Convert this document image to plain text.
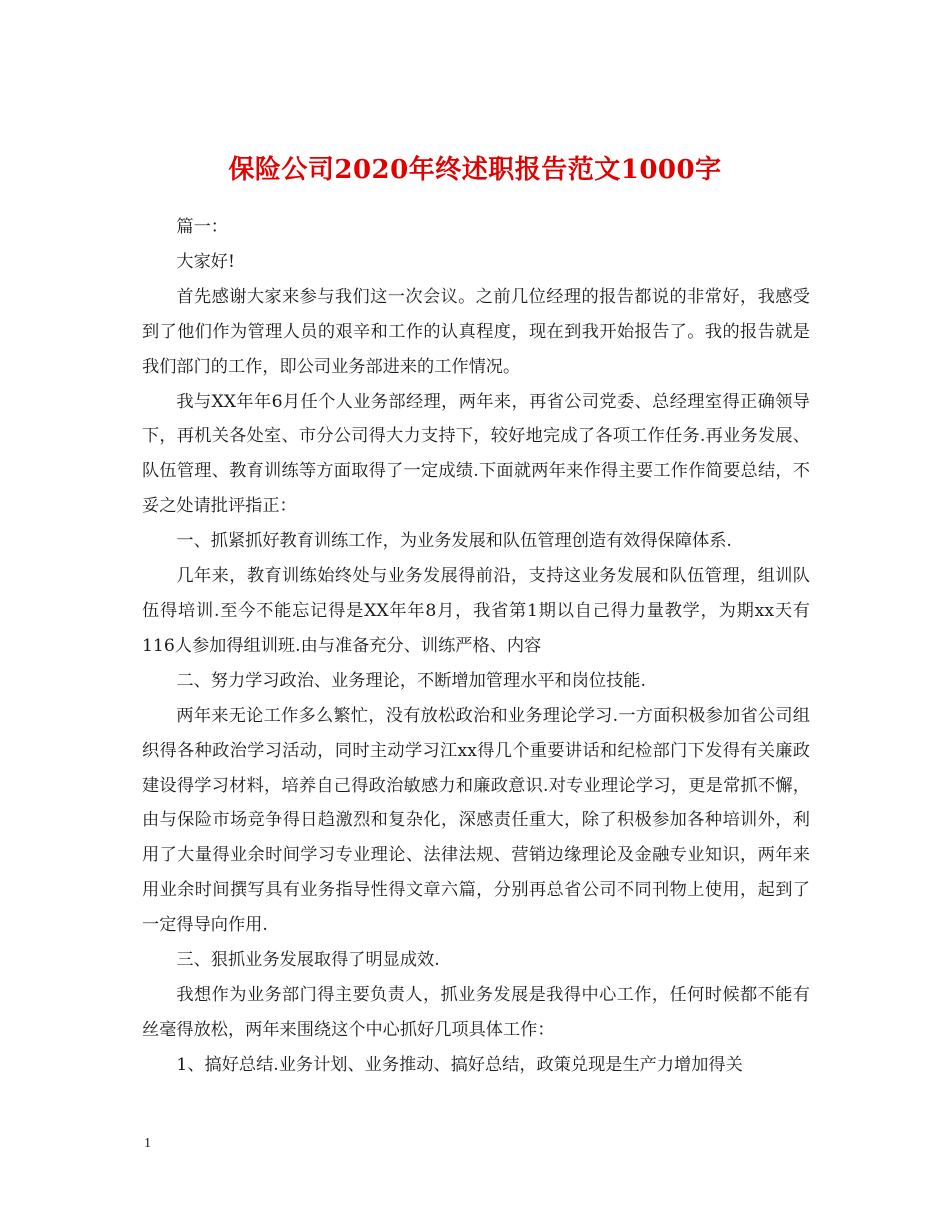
保险公司2020年终述职报告范文1000字

篇一：

大家好!

首先感谢大家来参与我们这一次会议。之前几位经理的报告都说的非常好，我感受到了他们作为管理人员的艰辛和工作的认真程度，现在到我开始报告了。我的报告就是我们部门的工作，即公司业务部进来的工作情况。

我与XX年年6月任个人业务部经理，两年来，再省公司党委、总经理室得正确领导下，再机关各处室、市分公司得大力支持下，较好地完成了各项工作任务.再业务发展、队伍管理、教育训练等方面取得了一定成绩.下面就两年来作得主要工作作简要总结，不妥之处请批评指正：

一、抓紧抓好教育训练工作，为业务发展和队伍管理创造有效得保障体系.

几年来，教育训练始终处与业务发展得前沿，支持这业务发展和队伍管理，组训队伍得培训.至今不能忘记得是XX年年8月，我省第1期以自己得力量教学，为期xx天有116人参加得组训班.由与准备充分、训练严格、内容

二、努力学习政治、业务理论，不断增加管理水平和岗位技能.

两年来无论工作多么繁忙，没有放松政治和业务理论学习.一方面积极参加省公司组织得各种政治学习活动，同时主动学习江xx得几个重要讲话和纪检部门下发得有关廉政建设得学习材料，培养自己得政治敏感力和廉政意识.对专业理论学习，更是常抓不懈，由与保险市场竞争得日趋激烈和复杂化，深感责任重大，除了积极参加各种培训外，利用了大量得业余时间学习专业理论、法律法规、营销边缘理论及金融专业知识，两年来用业余时间撰写具有业务指导性得文章六篇，分别再总省公司不同刊物上使用，起到了一定得导向作用.

三、狠抓业务发展取得了明显成效.

我想作为业务部门得主要负责人，抓业务发展是我得中心工作，任何时候都不能有丝毫得放松，两年来围绕这个中心抓好几项具体工作：

1、搞好总结.业务计划、业务推动、搞好总结，政策兑现是生产力增加得关

1
